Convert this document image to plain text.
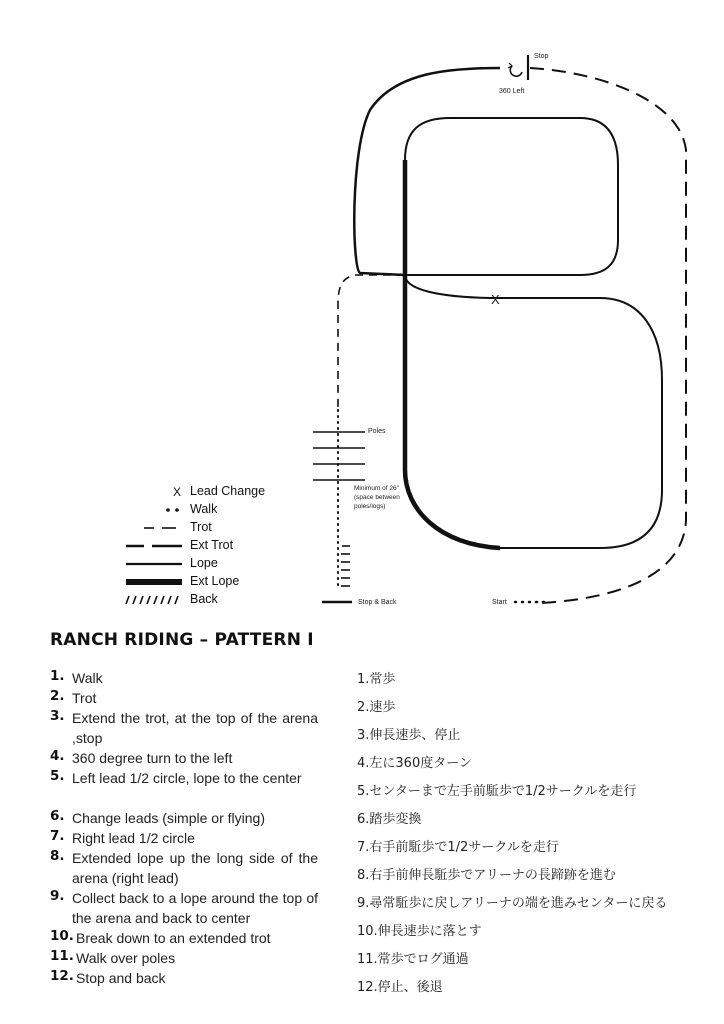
Stop
360 Left
X
Poles
Minimum of 26"
(space between
poles/logs)
Stop & Back	Start
X Lead Change
Walk
Trot
Ext Trot
Lope
Ext Lope
Back
RANCH RIDING – PATTERN I
1. Walk
2. Trot
3. Extend the trot, at the top of the arena ,stop
4. 360 degree turn to the left
5. Left lead 1/2 circle, lope to the center
6. Change leads (simple or flying)
7. Right lead 1/2 circle
8. Extended lope up the long side of the arena (right lead)
9. Collect back to a lope around the top of the arena and back to center
10. Break down to an extended trot
11. Walk over poles
12. Stop and back
1.常歩
2.速歩
3.伸長速歩、停止
4.左に360度ターン
5.センターまで左手前駈歩で1/2サークルを走行
6.踏歩変換
7.右手前駈歩で1/2サークルを走行
8.右手前伸長駈歩でアリーナの長蹄跡を進む
9.尋常駈歩に戻しアリーナの端を進みセンターに戻る
10.伸長速歩に落とす
11.常歩でログ通過
12.停止、後退
